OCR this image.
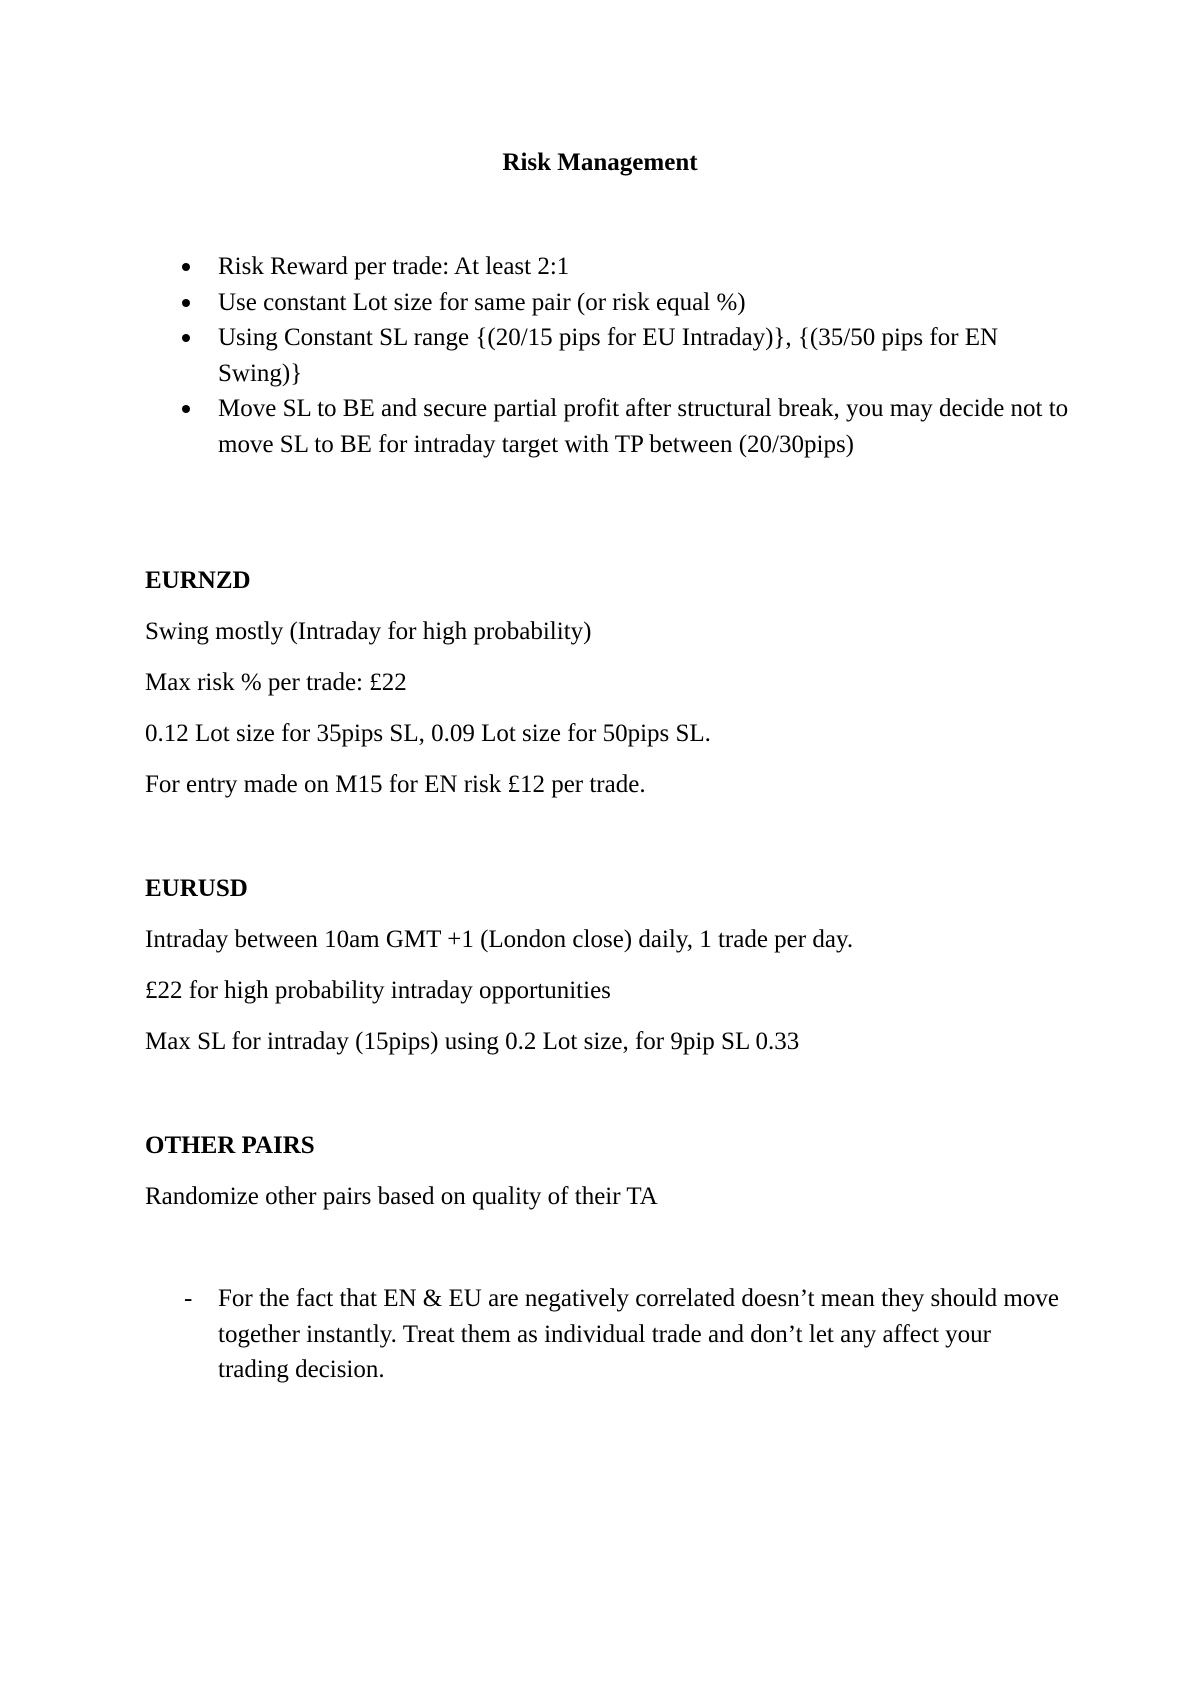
Risk Management
Risk Reward per trade: At least 2:1
Use constant Lot size for same pair (or risk equal %)
Using Constant SL range {(20/15 pips for EU Intraday)}, {(35/50 pips for EN Swing)}
Move SL to BE and secure partial profit after structural break, you may decide not to move SL to BE for intraday target with TP between (20/30pips)
EURNZD
Swing mostly (Intraday for high probability)
Max risk % per trade: £22
0.12 Lot size for 35pips SL, 0.09 Lot size for 50pips SL.
For entry made on M15 for EN risk £12 per trade.
EURUSD
Intraday between 10am GMT +1 (London close) daily, 1 trade per day.
£22 for high probability intraday opportunities
Max SL for intraday (15pips) using 0.2 Lot size, for 9pip SL 0.33
OTHER PAIRS
Randomize other pairs based on quality of their TA
- For the fact that EN & EU are negatively correlated doesn’t mean they should move together instantly. Treat them as individual trade and don’t let any affect your trading decision.
